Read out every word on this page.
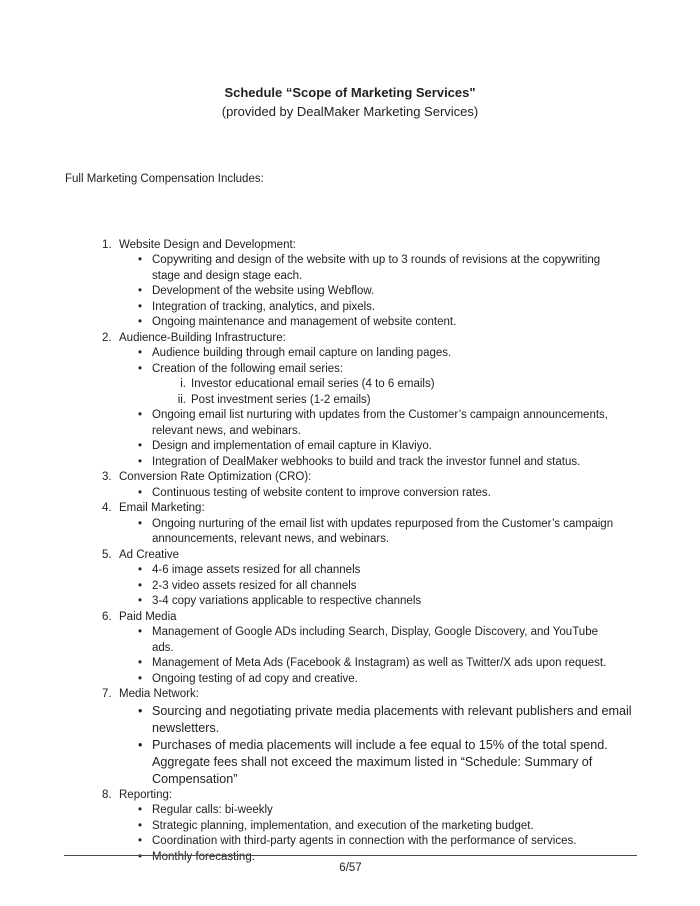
Schedule “Scope of Marketing Services"

(provided by DealMaker Marketing Services)

Full Marketing Compensation Includes:

1. Website Design and Development:
• Copywriting and design of the website with up to 3 rounds of revisions at the copywriting stage and design stage each.
• Development of the website using Webflow.
• Integration of tracking, analytics, and pixels.
• Ongoing maintenance and management of website content.
2. Audience-Building Infrastructure:
• Audience building through email capture on landing pages.
• Creation of the following email series:
i. Investor educational email series (4 to 6 emails)
ii. Post investment series (1-2 emails)
• Ongoing email list nurturing with updates from the Customer’s campaign announcements, relevant news, and webinars.
• Design and implementation of email capture in Klaviyo.
• Integration of DealMaker webhooks to build and track the investor funnel and status.
3. Conversion Rate Optimization (CRO):
• Continuous testing of website content to improve conversion rates.
4. Email Marketing:
• Ongoing nurturing of the email list with updates repurposed from the Customer’s campaign announcements, relevant news, and webinars.
5. Ad Creative
• 4-6 image assets resized for all channels
• 2-3 video assets resized for all channels
• 3-4 copy variations applicable to respective channels
6. Paid Media
• Management of Google ADs including Search, Display, Google Discovery, and YouTube ads.
• Management of Meta Ads (Facebook & Instagram) as well as Twitter/X ads upon request.
• Ongoing testing of ad copy and creative.
7. Media Network:
• Sourcing and negotiating private media placements with relevant publishers and email newsletters.
• Purchases of media placements will include a fee equal to 15% of the total spend. Aggregate fees shall not exceed the maximum listed in “Schedule: Summary of Compensation”
8. Reporting:
• Regular calls: bi-weekly
• Strategic planning, implementation, and execution of the marketing budget.
• Coordination with third-party agents in connection with the performance of services.
• Monthly forecasting.
6/57
